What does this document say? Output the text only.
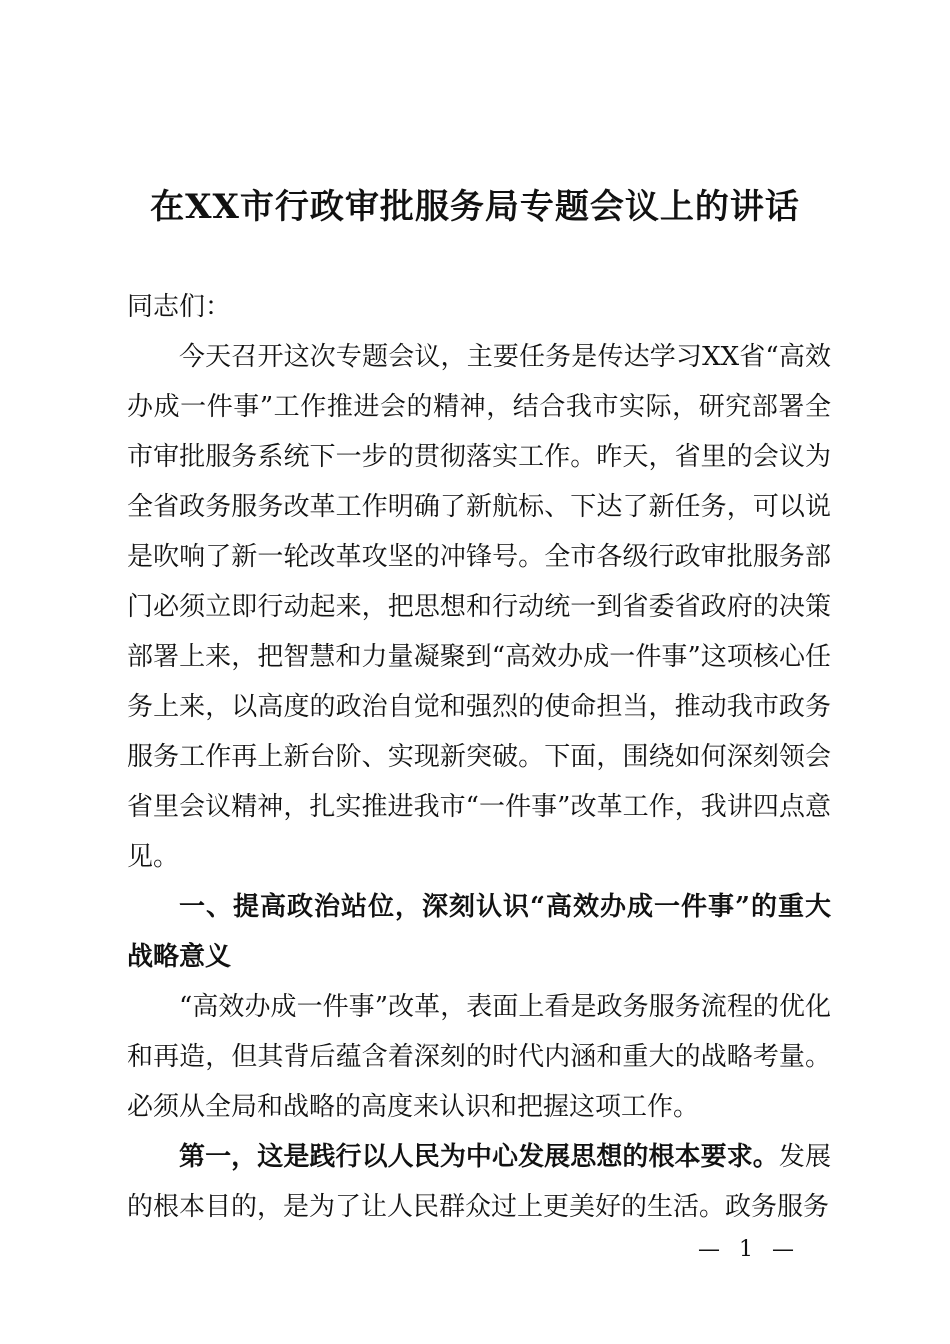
在XX市行政审批服务局专题会议上的讲话

同志们：

今天召开这次专题会议，主要任务是传达学习XX省“高效办成一件事”工作推进会的精神，结合我市实际，研究部署全市审批服务系统下一步的贯彻落实工作。昨天，省里的会议为全省政务服务改革工作明确了新航标、下达了新任务，可以说是吹响了新一轮改革攻坚的冲锋号。全市各级行政审批服务部门必须立即行动起来，把思想和行动统一到省委省政府的决策部署上来，把智慧和力量凝聚到“高效办成一件事”这项核心任务上来，以高度的政治自觉和强烈的使命担当，推动我市政务服务工作再上新台阶、实现新突破。下面，围绕如何深刻领会省里会议精神，扎实推进我市“一件事”改革工作，我讲四点意见。

一、提高政治站位，深刻认识“高效办成一件事”的重大战略意义

“高效办成一件事”改革，表面上看是政务服务流程的优化和再造，但其背后蕴含着深刻的时代内涵和重大的战略考量。必须从全局和战略的高度来认识和把握这项工作。

第一，这是践行以人民为中心发展思想的根本要求。发展的根本目的，是为了让人民群众过上更美好的生活。政务服务

— 1 —
